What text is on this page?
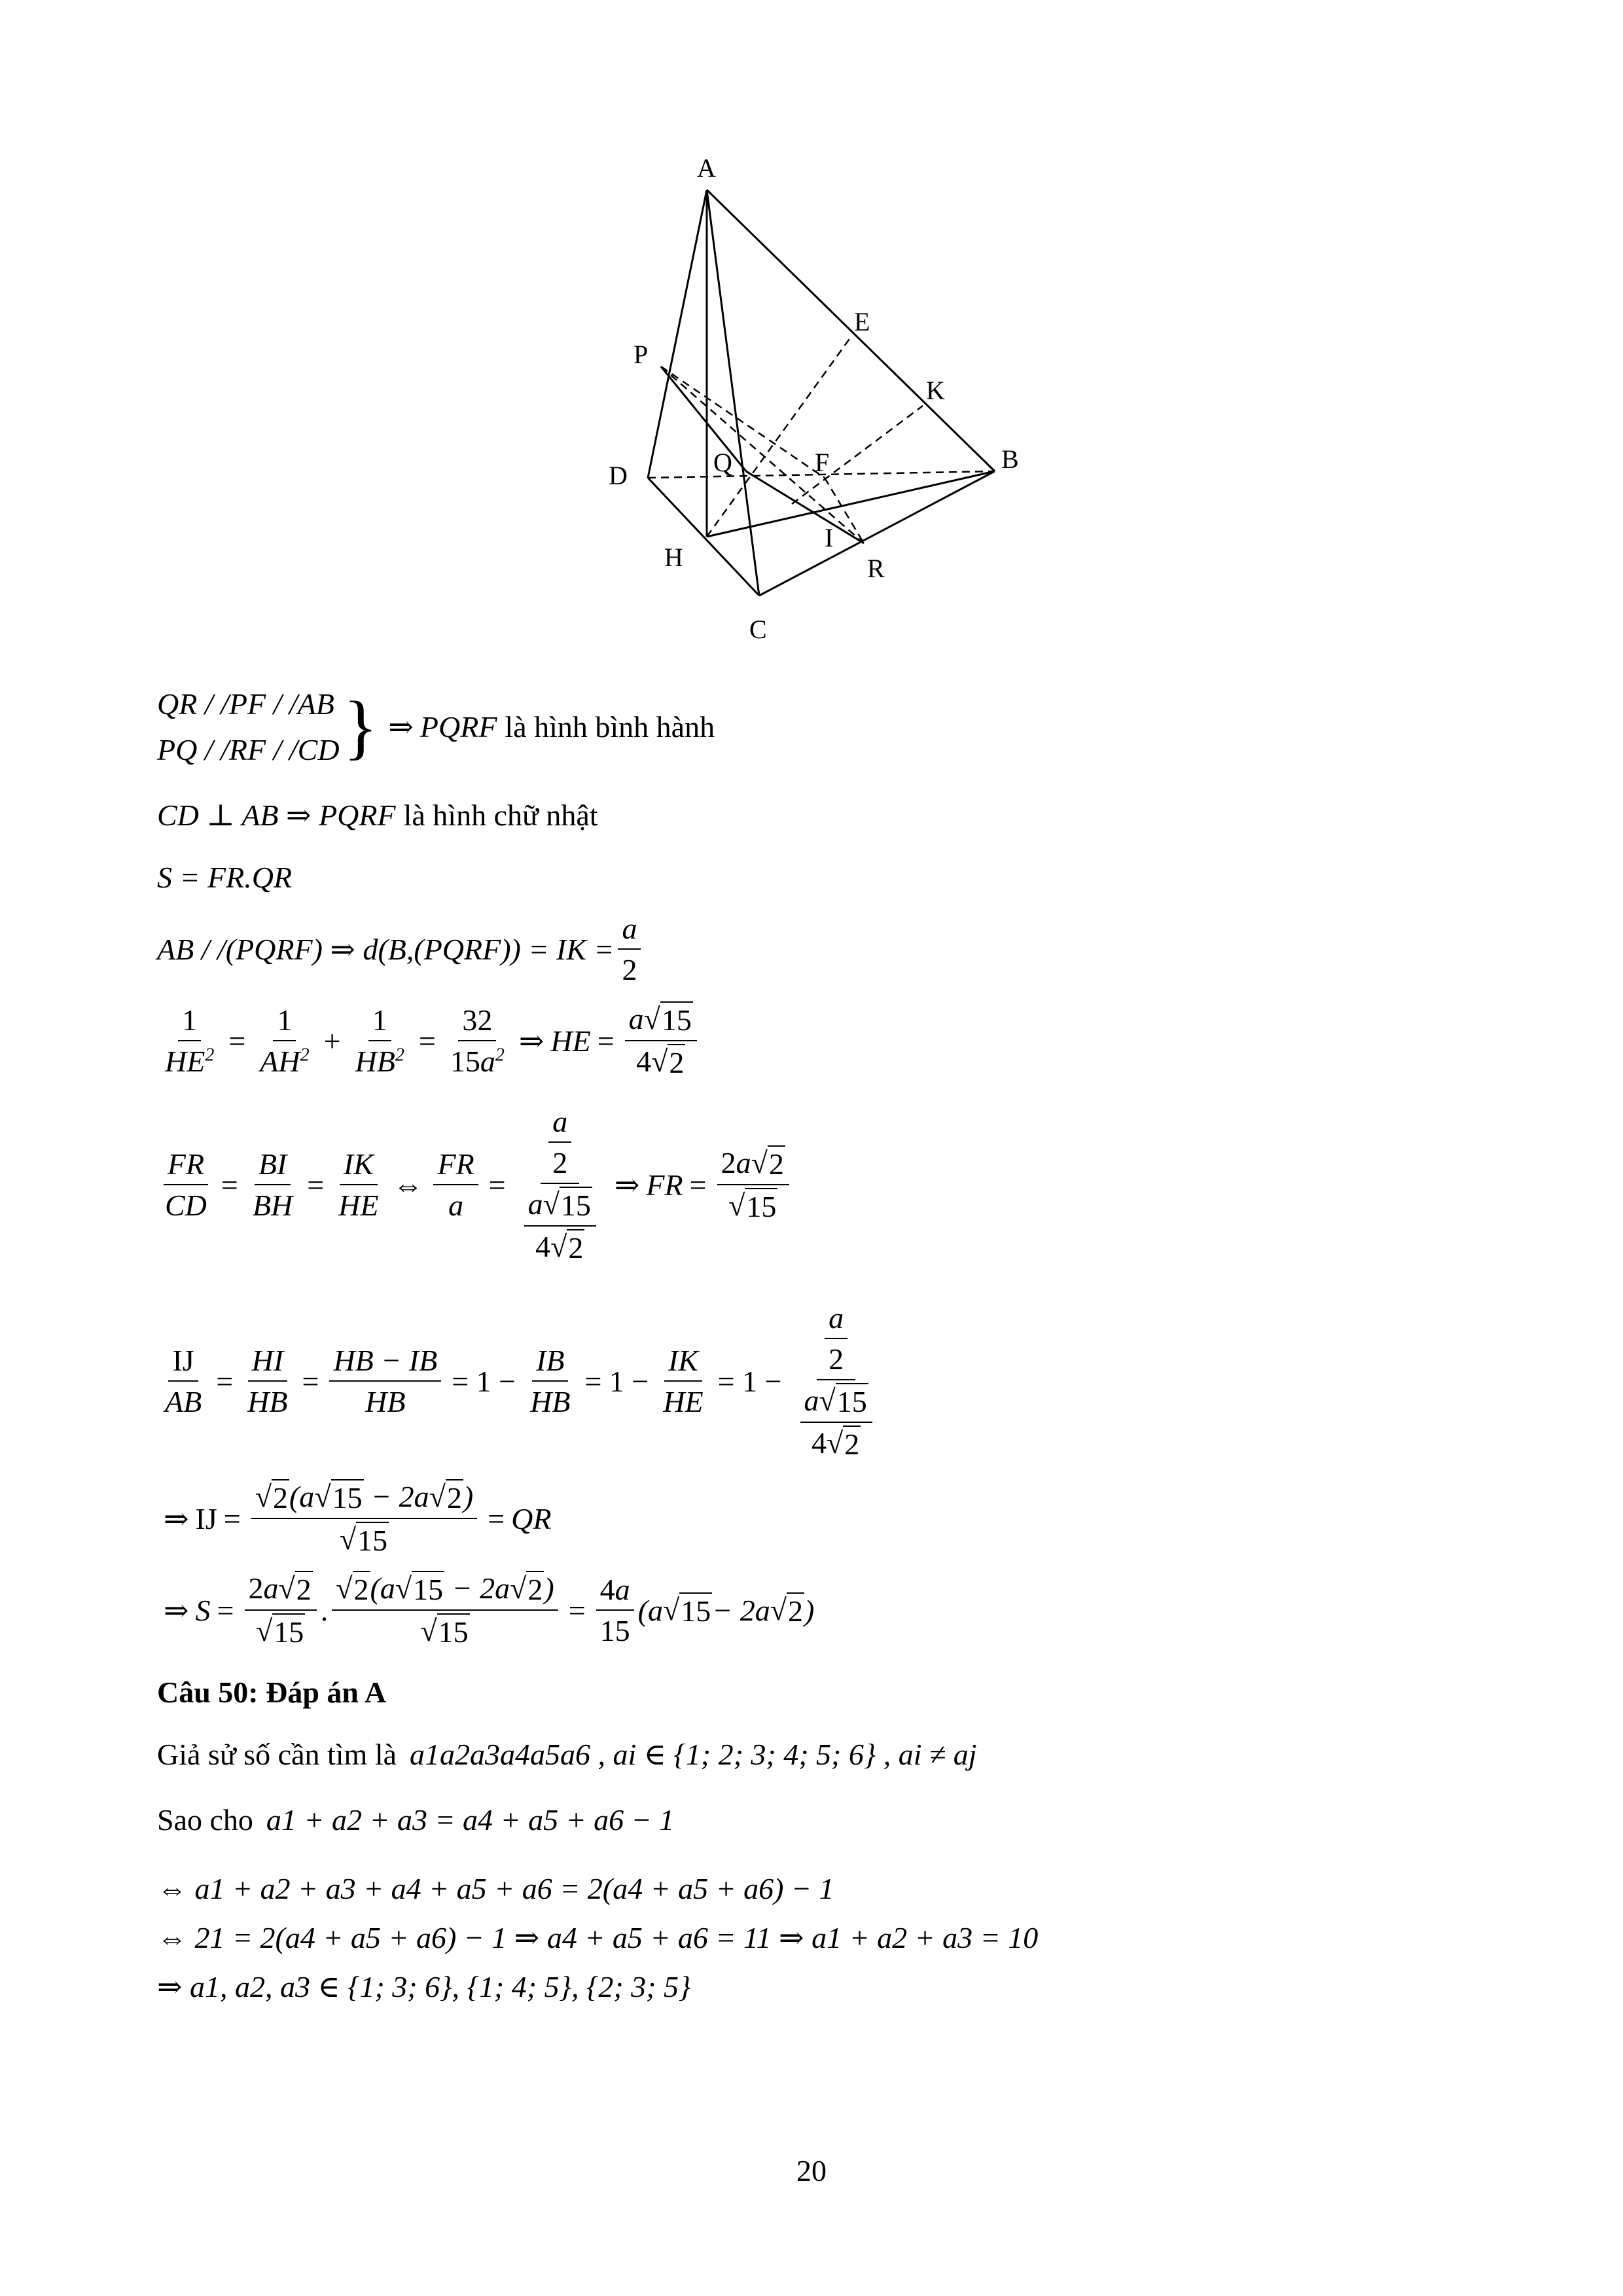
A
E
K
P
B
D	Q	F
I
H	R
C
QR / /PF / /AB
PQ / /RF / /CD } ⇒ PQRF là hình bình hành
CD ⊥ AB ⇒ PQRF là hình chữ nhật
S = FR.QR
AB / /(PQRF) ⇒ d(B,(PQRF)) = IK = $\frac{a}{2}$
$\frac{1}{HE^2} = \frac{1}{AH^2} + \frac{1}{HB^2} = \frac{32}{15a^2}$ ⇒ HE = $\frac{a√ 15}{4√ 2}$
$\frac{FR}{CD} = \frac{BI}{BH} = \frac{IK}{HE}$ ⇔ $\frac{FR}{a} = \frac{\frac{a}{2}}{\frac{a√ 15}{4√ 2}}$ ⇒ FR = $\frac{2a√ 2}{√ 15}$
$\frac{IJ}{AB} = \frac{HI}{HB} = \frac{HB - IB}{HB} = 1 - \frac{IB}{HB} = 1 - \frac{IK}{HE} = 1 - \frac{\frac{a}{2}}{\frac{a√ 15}{4√ 2}}$
⇒ IJ = $\frac{√ 2 (a√ 15 - 2a√ 2 )}{√ 15}$ = QR
⇒ $S = \frac{2a√ 2}{√ 15}$ . $\frac{√ 2 (a√ 15 - 2a√ 2 )}{√ 15} = \frac{4a}{15} (a$ √ 15 − 2a √ 2 )
Câu 50: Đáp án A
Giả sử số cần tìm là a1a2a3a4a5a6 , ai ∈ {1; 2; 3; 4; 5; 6} , ai ≠ aj
Sao cho a1 + a2 + a3 = a4 + a5 + a6 − 1
⇔ a1 + a2 + a3 + a4 + a5 + a6 = 2(a4 + a5 + a6) − 1
⇔ 21 = 2(a4 + a5 + a6) − 1 ⇒ a4 + a5 + a6 = 11 ⇒ a1 + a2 + a3 = 10
⇒ a1, a2, a3 ∈ {1; 3; 6}, {1; 4; 5}, {2; 3; 5}
20
